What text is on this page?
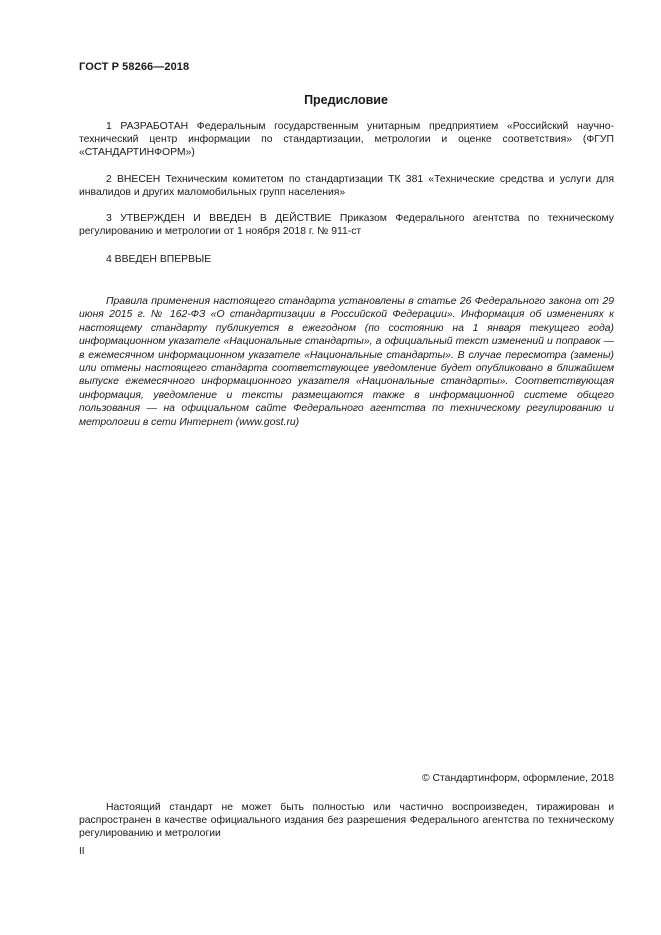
ГОСТ Р 58266—2018
Предисловие

1 РАЗРАБОТАН Федеральным государственным унитарным предприятием «Российский научно-технический центр информации по стандартизации, метрологии и оценке соответствия» (ФГУП «СТАНДАРТИНФОРМ»)

2 ВНЕСЕН Техническим комитетом по стандартизации ТК 381 «Технические средства и услуги для инвалидов и других маломобильных групп населения»

3 УТВЕРЖДЕН И ВВЕДЕН В ДЕЙСТВИЕ Приказом Федерального агентства по техническому регулированию и метрологии от 1 ноября 2018 г. № 911-ст

4 ВВЕДЕН ВПЕРВЫЕ

Правила применения настоящего стандарта установлены в статье 26 Федерального закона от 29 июня 2015 г. № 162-ФЗ «О стандартизации в Российской Федерации». Информация об изменениях к настоящему стандарту публикуется в ежегодном (по состоянию на 1 января текущего года) информационном указателе «Национальные стандарты», а официальный текст изменений и поправок — в ежемесячном информационном указателе «Национальные стандарты». В случае пересмотра (замены) или отмены настоящего стандарта соответствующее уведомление будет опубликовано в ближайшем выпуске ежемесячного информационного указателя «Национальные стандарты». Соответствующая информация, уведомление и тексты размещаются также в информационной системе общего пользования — на официальном сайте Федерального агентства по техническому регулированию и метрологии в сети Интернет (www.gost.ru)

© Стандартинформ, оформление, 2018

Настоящий стандарт не может быть полностью или частично воспроизведен, тиражирован и распространен в качестве официального издания без разрешения Федерального агентства по техническому регулированию и метрологии

II
